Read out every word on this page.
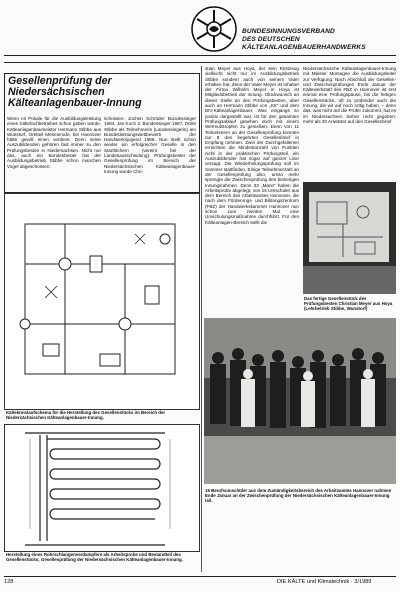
BUNDESINNUNGSVERBAND
DES DEUTSCHEN
KÄLTEANLAGENBAUERHANDWERKS
Gesellenprüfung der Niedersächsischen Kälteanlagenbauer-Innung
Wenn es Pokale für die Ausbildungsleistung eines Kältefachbetriebes schon geben würde, Kälteanlagenbaumeister Hermann Stibbe aus Wunstorf, Ortsteil Mesmerode, bei Hannover hätte gewiß einen verdient. Denn seine Auszubildenden gehören fast immer zu den Prüfungsbesten in Niedersachsen. Nicht nur das, auch ein Bundesbester hat der Ausbildungsbetrieb Stibbe schon manchen Vogel abgeschossen:
schossen: Jochen Schröder Bundessieger 1984, Jan Koch 3. Bundessieger 1987, Dörte Stibbe als Teilnehmerin (Landessiegerin) am Bundesleistungswettbewerb der Handwerksjugend 1988. Nun stellt schon wieder ein erfolgreicher Geselle in den Startlöchern (vereint bei der Landesausscheidung). Prüfungsbester der Gesellenprüfung im Bereich der Niedersächsischen Kälteanlagenbauer-Innung wurde Chri-
stian Meyer aus Hoya, der sein Rüstzeug vielleicht nicht nur im Ausbildungsbetrieb Stibbe sondern auch von seinem Vater erhalten hat, denn der Vater Meyer ist Inhaber der Firma Wilhelm Meyer in Hoya ist Mitgliedsbetrieb der Innung. Glückwunsch an dieser Stelle an den Prüfungsbesten, aber auch an Hermann Stibbe von „KK“ und dem BIV-Kälteanlagenbauer. Was eingangs so positiv dargestellt war, ist für den gesamten Prüfungsablauf gesehen doch mit einem Wermutstropfen zu genießen. Denn von 11 Teilnehmern an der Gesellenprüfung konnten nur 8 den begehrten Gesellenbrief in Empfang nehmen. Zwei der Durchgefallenen erreichten die Mindestanzahl von Punkten nicht in der praktischen Prüfungsteil, ein Auszubildender hat sogar auf ganzer Linie versagt. Die Wiederholungsprüfung soll im Sommer stattfinden. Einige Teilnehmerzahl an der Gesellenprüfung also, umso mehr sprengte die Zwischenprüfung den bisherigen Innungsrahmen. Denn 33 „Mann“ haben die Arbeitsprobe abgelegt, von 15 Umschüler aus dem Bereich des Arbeitsamtes Hannover, die nach dem Förderungs- und Bildungszentrum (FBZ) der Handwerkskammer Hannover nun schon zum zweiten Mal eine Umschulungsmaßnahme durchführt. Für den Kälteanlagen-Bereich stellt die
Niedersächsische Kälteanlagenbauer-Innung mit Meister Montagne die Ausbildungsleiter zur Verfügung. Nach Abschluß der Gesellen- und Zwischenprüfungen Ende Januar der Kältewerkstatt des FBZ in Hannover ist erst einmal eine Prüfungspause, bis die fertigen Gesellenstücke, oft zu prüfender auch die Innung, die wir auf noch nötig haben, – denn das, was nicht auf die Prüfer zukommt, hat es im Niedersachsen bisher nicht gegeben: mehr als 30 Anwärter auf den Gesellenbrief.
Kältekreislaufschema für die Herstellung des Gesellenstücks im Bereich der Niedersächsischen Kälteanlagenbauer-Innung.
Herstellung eines Rohrschlangenverdampfers als Arbeitsprobe und Bestandteil des Gesellenstücks; Gesellenprüfung der Niedersächsischen Kälteanlagenbauer-Innung.
Das fertige Gesellenstück des Prüfungsbesten Christian Meyer aus Hoya (Lehrbetrieb Stibbe, Wunstorf)
15 Berufsumschüler aus dem Zuständigkeitsbereich des Arbeitsamtes Hannover nahmen Ende Januar an der Zwischenprüfung der Niedersächsischen Kälteanlagenbauer-Innung teil.
128	DIE KÄLTE und Klimatechnik · 3/1989
